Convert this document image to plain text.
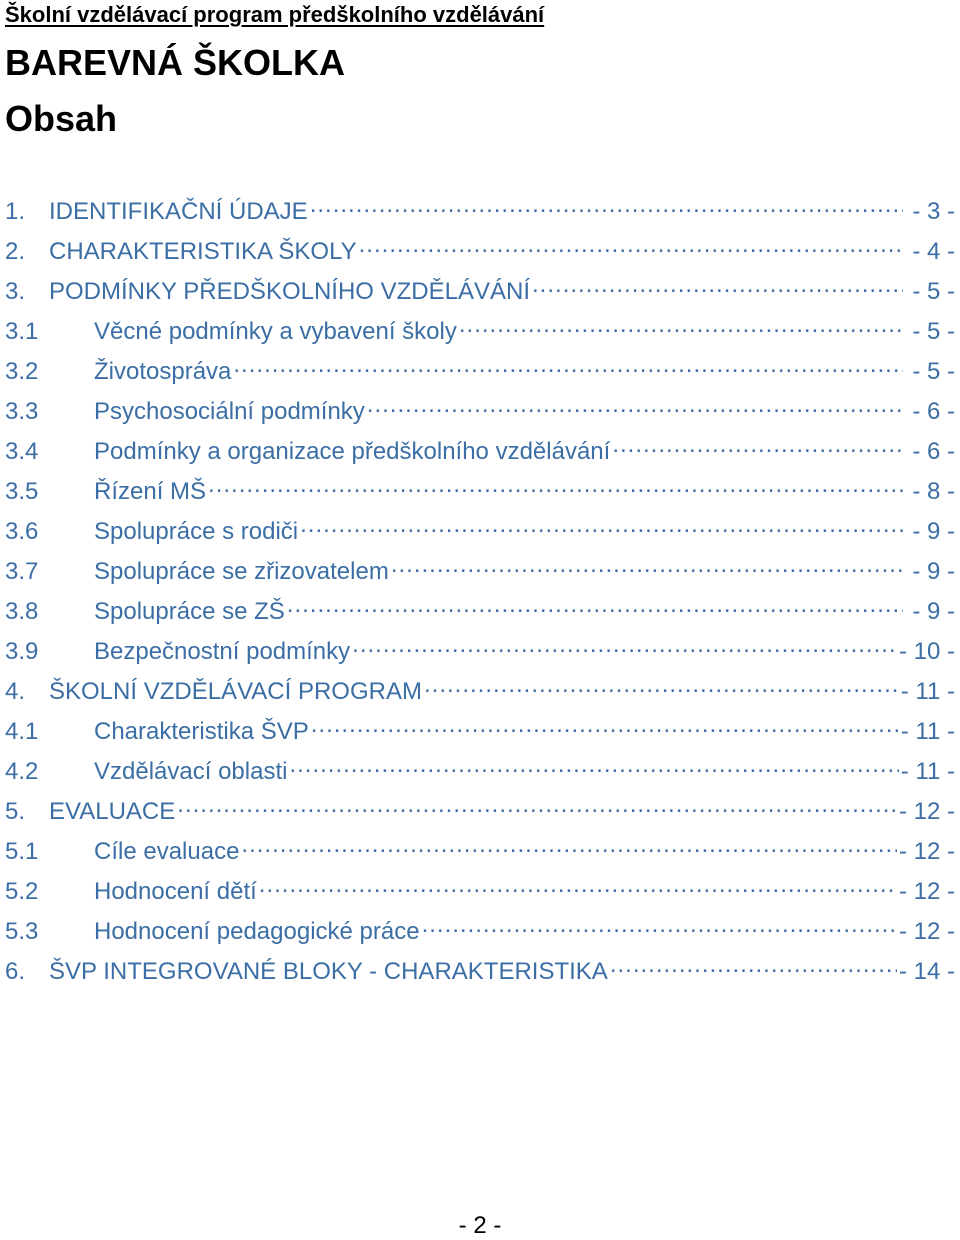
Školní vzdělávací program předškolního vzdělávání
BAREVNÁ ŠKOLKA
Obsah
1. IDENTIFIKAČNÍ ÚDAJE .....	- 3 -
2. CHARAKTERISTIKA ŠKOLY .....	- 4 -
3. PODMÍNKY PŘEDŠKOLNÍHO VZDĚLÁVÁNÍ .....	- 5 -
3.1	Věcné podmínky a vybavení školy .....	- 5 -
3.2	Životospráva .....	- 5 -
3.3	Psychosociální podmínky .....	- 6 -
3.4	Podmínky a organizace předškolního vzdělávání .....	- 6 -
3.5	Řízení MŠ .....	- 8 -
3.6	Spolupráce s rodiči .....	- 9 -
3.7	Spolupráce se zřizovatelem .....	- 9 -
3.8	Spolupráce se ZŠ .....	- 9 -
3.9	Bezpečnostní podmínky .....	- 10 -
4. ŠKOLNÍ VZDĚLÁVACÍ PROGRAM .....	- 11 -
4.1	Charakteristika ŠVP .....	- 11 -
4.2	Vzdělávací oblasti .....	- 11 -
5. EVALUACE .....	- 12 -
5.1	Cíle evaluace .....	- 12 -
5.2	Hodnocení dětí .....	- 12 -
5.3	Hodnocení pedagogické práce .....	- 12 -
6. ŠVP INTEGROVANÉ BLOKY - CHARAKTERISTIKA .....	- 14 -
- 2 -
